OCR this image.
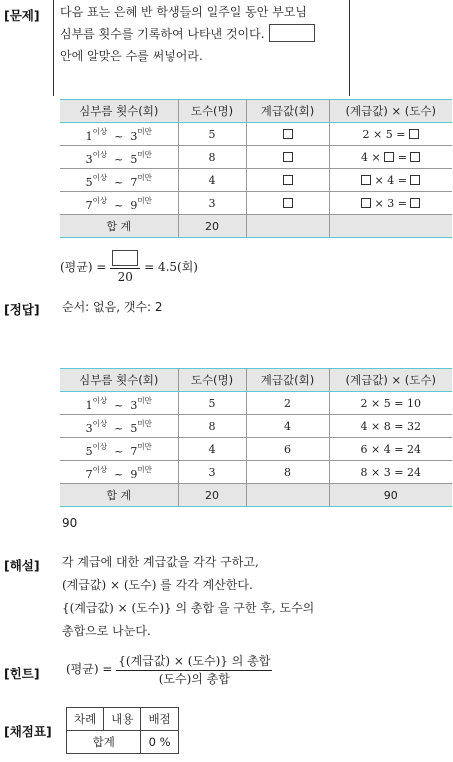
[문제]
[정답]
[해설]
[힌트]
[채점표]
다음 표는 은혜 반 학생들의 일주일 동안 부모님
심부름 횟수를 기록하여 나타낸 것이다.
안에 알맞은 수를 써넣어라.
심부름 횟수(회)	도수(명)	계급값(회)	(계급값) × (도수)
$1^{이상}$ ~ $3^{미만}$	5		2 × 5 =
$3^{이상}$ ~ $5^{미만}$	8		4 × =
$5^{이상}$ ~ $7^{미만}$	4		× 4 =
$7^{이상}$ ~ $9^{미만}$	3		× 3 =
합 계	20		
(평균) =
20
= 4.5(회)
순서: 없음, 갯수: 2
심부름 횟수(회)	도수(명)	계급값(회)	(계급값) × (도수)
$1^{이상}$ ~ $3^{미만}$	5	2	2 × 5 = 10
$3^{이상}$ ~ $5^{미만}$	8	4	4 × 8 = 32
$5^{이상}$ ~ $7^{미만}$	4	6	6 × 4 = 24
$7^{이상}$ ~ $9^{미만}$	3	8	8 × 3 = 24
합 계	20		90
90
각 계급에 대한 계급값을 각각 구하고,
(계급값) × (도수) 를 각각 계산한다.
{(계급값) × (도수)} 의 총합 을 구한 후, 도수의
총합으로 나눈다.
(평균) = $\frac{\text{\{(계급값) × (도수)\} 의 총합}}{\text{(도수)의 총합}}$
차례	내용	배점
합계		0 %
